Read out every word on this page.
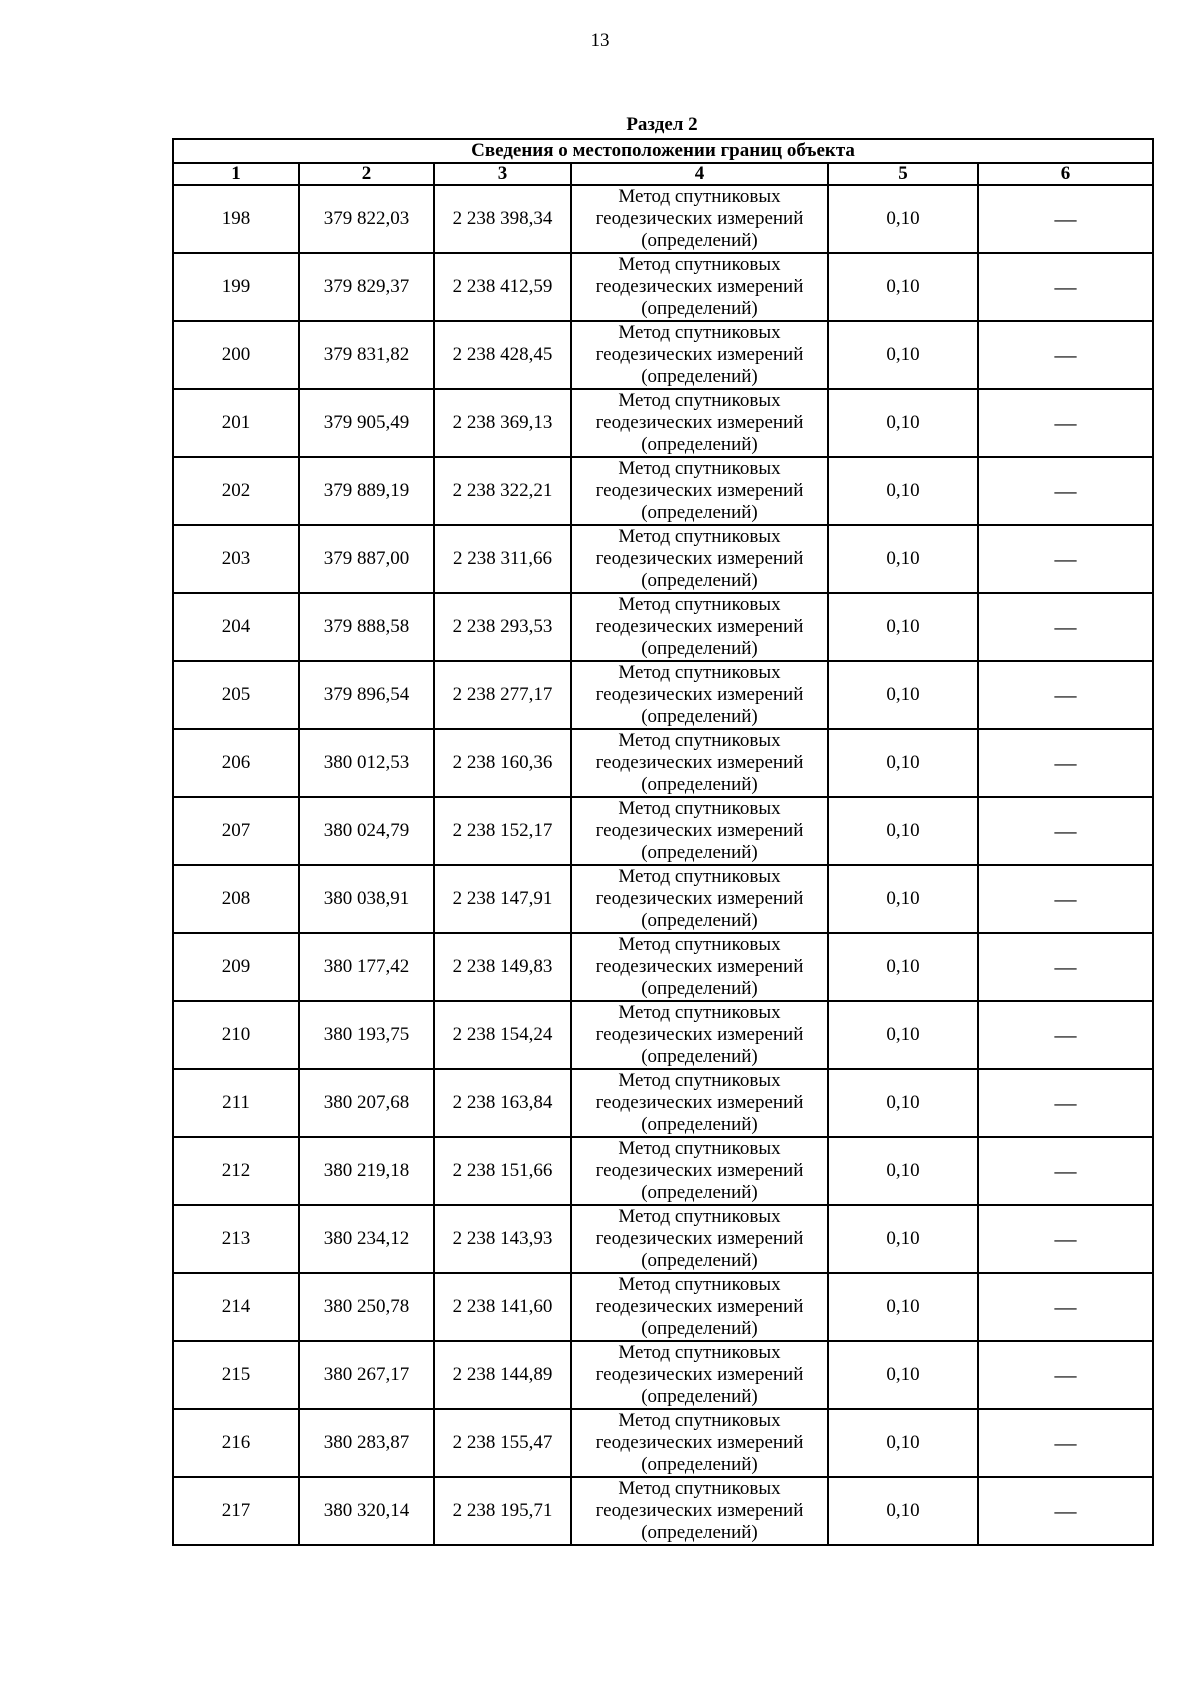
13
Раздел 2
Сведения о местоположении границ объекта					
1	2	3	4	5	6
198	379 822,03	2 238 398,34	Метод спутниковых
геодезических измерений
(определений)	0,10	—
199	379 829,37	2 238 412,59	Метод спутниковых
геодезических измерений
(определений)	0,10	—
200	379 831,82	2 238 428,45	Метод спутниковых
геодезических измерений
(определений)	0,10	—
201	379 905,49	2 238 369,13	Метод спутниковых
геодезических измерений
(определений)	0,10	—
202	379 889,19	2 238 322,21	Метод спутниковых
геодезических измерений
(определений)	0,10	—
203	379 887,00	2 238 311,66	Метод спутниковых
геодезических измерений
(определений)	0,10	—
204	379 888,58	2 238 293,53	Метод спутниковых
геодезических измерений
(определений)	0,10	—
205	379 896,54	2 238 277,17	Метод спутниковых
геодезических измерений
(определений)	0,10	—
206	380 012,53	2 238 160,36	Метод спутниковых
геодезических измерений
(определений)	0,10	—
207	380 024,79	2 238 152,17	Метод спутниковых
геодезических измерений
(определений)	0,10	—
208	380 038,91	2 238 147,91	Метод спутниковых
геодезических измерений
(определений)	0,10	—
209	380 177,42	2 238 149,83	Метод спутниковых
геодезических измерений
(определений)	0,10	—
210	380 193,75	2 238 154,24	Метод спутниковых
геодезических измерений
(определений)	0,10	—
211	380 207,68	2 238 163,84	Метод спутниковых
геодезических измерений
(определений)	0,10	—
212	380 219,18	2 238 151,66	Метод спутниковых
геодезических измерений
(определений)	0,10	—
213	380 234,12	2 238 143,93	Метод спутниковых
геодезических измерений
(определений)	0,10	—
214	380 250,78	2 238 141,60	Метод спутниковых
геодезических измерений
(определений)	0,10	—
215	380 267,17	2 238 144,89	Метод спутниковых
геодезических измерений
(определений)	0,10	—
216	380 283,87	2 238 155,47	Метод спутниковых
геодезических измерений
(определений)	0,10	—
217	380 320,14	2 238 195,71	Метод спутниковых
геодезических измерений
(определений)	0,10	—
